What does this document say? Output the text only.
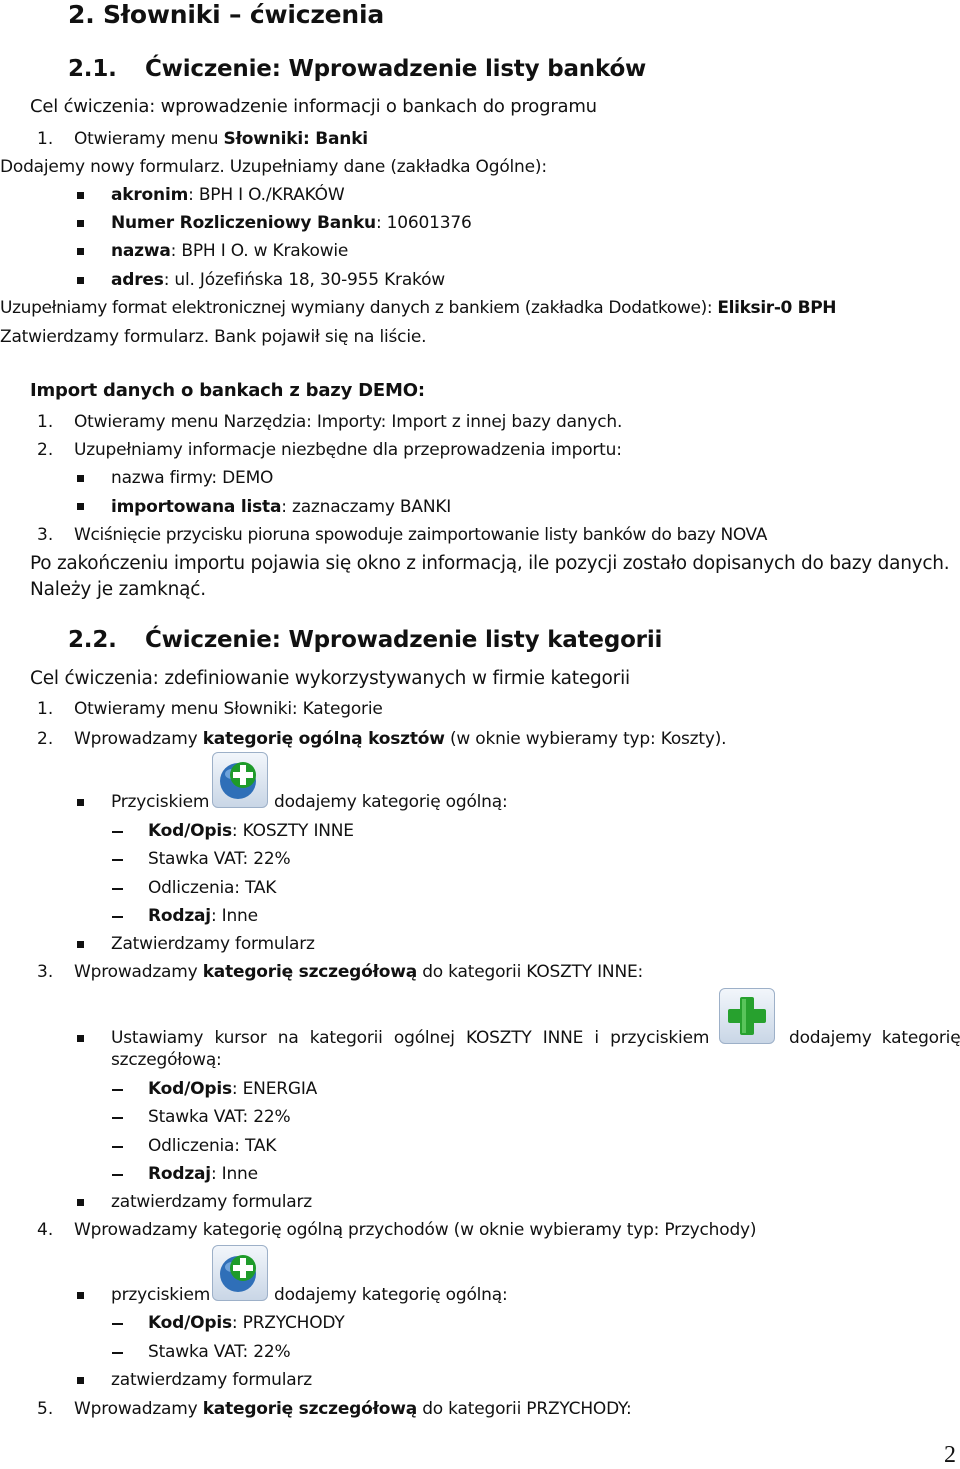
2. Słowniki – ćwiczenia
2.1. Ćwiczenie: Wprowadzenie listy banków
Cel ćwiczenia: wprowadzenie informacji o bankach do programu
1. Otwieramy menu Słowniki: Banki
Dodajemy nowy formularz. Uzupełniamy dane (zakładka Ogólne):
akronim: BPH I O./KRAKÓW
Numer Rozliczeniowy Banku: 10601376
nazwa: BPH I O. w Krakowie
adres: ul. Józefińska 18, 30-955 Kraków
Uzupełniamy format elektronicznej wymiany danych z bankiem (zakładka Dodatkowe): Eliksir-0 BPH
Zatwierdzamy formularz. Bank pojawił się na liście.
Import danych o bankach z bazy DEMO:
1. Otwieramy menu Narzędzia: Importy: Import z innej bazy danych.
2. Uzupełniamy informacje niezbędne dla przeprowadzenia importu:
nazwa firmy: DEMO
importowana lista: zaznaczamy BANKI
3. Wciśnięcie przycisku pioruna spowoduje zaimportowanie listy banków do bazy NOVA
Po zakończeniu importu pojawia się okno z informacją, ile pozycji zostało dopisanych do bazy danych.
Należy je zamknąć.
2.2. Ćwiczenie: Wprowadzenie listy kategorii
Cel ćwiczenia: zdefiniowanie wykorzystywanych w firmie kategorii
1. Otwieramy menu Słowniki: Kategorie
2. Wprowadzamy kategorię ogólną kosztów (w oknie wybieramy typ: Koszty).
Przyciskiem	dodajemy kategorię ogólną:
Kod/Opis: KOSZTY INNE
Stawka VAT: 22%
Odliczenia: TAK
Rodzaj: Inne
Zatwierdzamy formularz
3. Wprowadzamy kategorię szczegółową do kategorii KOSZTY INNE:
Ustawiamy kursor na kategorii ogólnej KOSZTY INNE i przyciskiem	dodajemy kategorię
szczegółową:
Kod/Opis: ENERGIA
Stawka VAT: 22%
Odliczenia: TAK
Rodzaj: Inne
zatwierdzamy formularz
4. Wprowadzamy kategorię ogólną przychodów (w oknie wybieramy typ: Przychody)
przyciskiem	dodajemy kategorię ogólną:
Kod/Opis: PRZYCHODY
Stawka VAT: 22%
zatwierdzamy formularz
5. Wprowadzamy kategorię szczegółową do kategorii PRZYCHODY:
2
